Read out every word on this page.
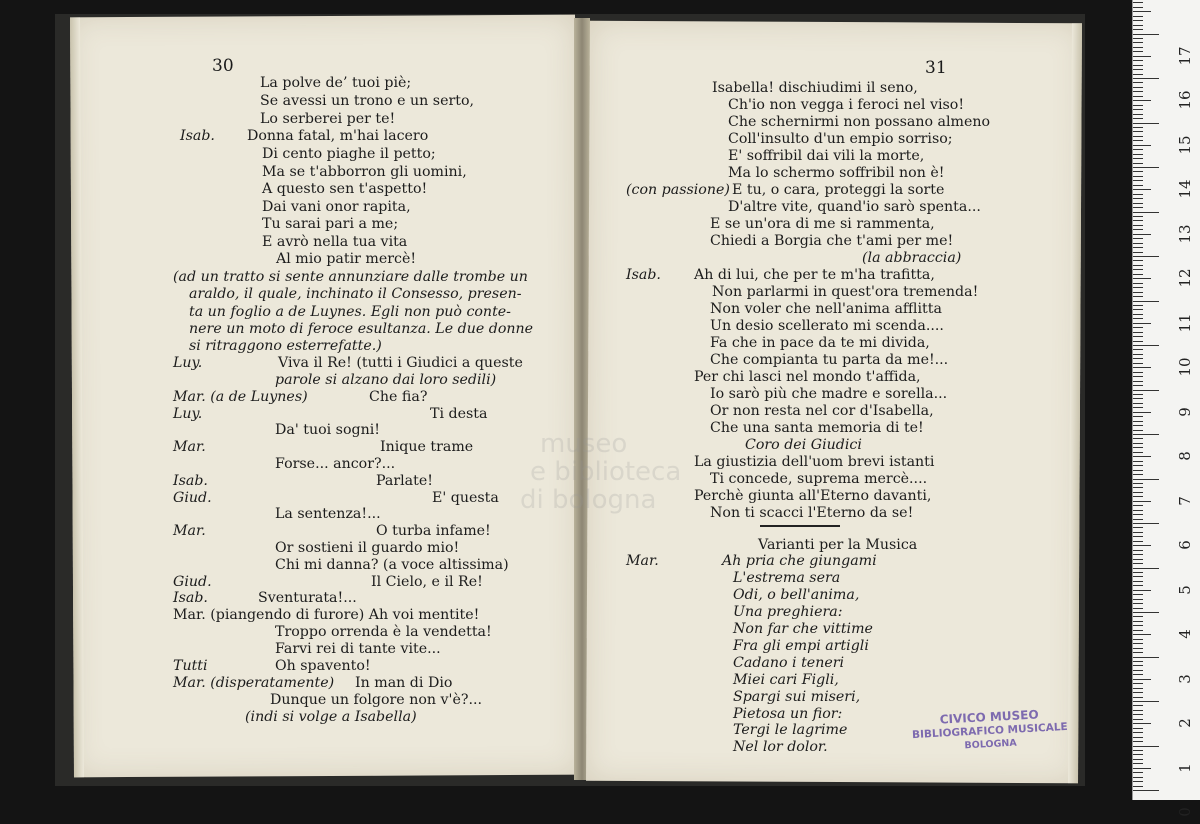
30	31
La polve de’ tuoi piè;
Se avessi un trono e un serto,
Lo serberei per te!
Isab. Donna fatal, m'hai lacero
Di cento piaghe il petto;
Ma se t'abborron gli uomini,
A questo sen t'aspetto!
Dai vani onor rapita,
Tu sarai pari a me;
E avrò nella tua vita
Al mio patir mercè!
(ad un tratto si sente annunziare dalle trombe un
araldo, il quale, inchinato il Consesso, presen-
ta un foglio a de Luynes. Egli non può conte-
nere un moto di feroce esultanza. Le due donne
si ritraggono esterrefatte.)
Luy.	Viva il Re! (tutti i Giudici a queste
parole si alzano dai loro sedili)
Mar. (a de Luynes)	Che fia?
Luy.	Ti desta
Da' tuoi sogni!
Mar.	Inique trame
Forse... ancor?...
Isab.	Parlate!
Giud.	E' questa
La sentenza!...
Mar.	O turba infame!
Or sostieni il guardo mio!
Chi mi danna? (a voce altissima)
Giud.	Il Cielo, e il Re!
Isab.	Sventurata!...
Mar. (piangendo di furore) Ah voi mentite!
Troppo orrenda è la vendetta!
Farvi rei di tante vite...
Tutti	Oh spavento!
Mar. (disperatamente) In man di Dio
Dunque un folgore non v'è?...
(indi si volge a Isabella)
Isabella! dischiudimi il seno,
Ch'io non vegga i feroci nel viso!
Che schernirmi non possano almeno
Coll'insulto d'un empio sorriso;
E' soffribil dai vili la morte,
Ma lo schermo soffribil non è!
(con passione) E tu, o cara, proteggi la sorte
D'altre vite, quand'io sarò spenta...
E se un'ora di me si rammenta,
Chiedi a Borgia che t'ami per me!
(la abbraccia)
Isab. Ah di lui, che per te m'ha trafitta,
Non parlarmi in quest'ora tremenda!
Non voler che nell'anima afflitta
Un desio scellerato mi scenda....
Fa che in pace da te mi divida,
Che compianta tu parta da me!...
Per chi lasci nel mondo t'affida,
Io sarò più che madre e sorella...
Or non resta nel cor d'Isabella,
Che una santa memoria di te!
Coro dei Giudici
La giustizia dell'uom brevi istanti
Ti concede, suprema mercè....
Perchè giunta all'Eterno davanti,
Non ti scacci l'Eterno da se!
Varianti per la Musica
Mar.	Ah pria che giungami
L'estrema sera
Odi, o bell'anima,
Una preghiera:
Non far che vittime
Fra gli empi artigli
Cadano i teneri
Miei cari Figli,
Spargi sui miseri,
Pietosa un fior:
Tergi le lagrime
Nel lor dolor.
museo
e biblioteca
di bologna
CIVICO MUSEO
BIBLIOGRAFICO MUSICALE
BOLOGNA
0
1
2
3
4
5
6
7
8
9
10
11
12
13
14
15
16
17
